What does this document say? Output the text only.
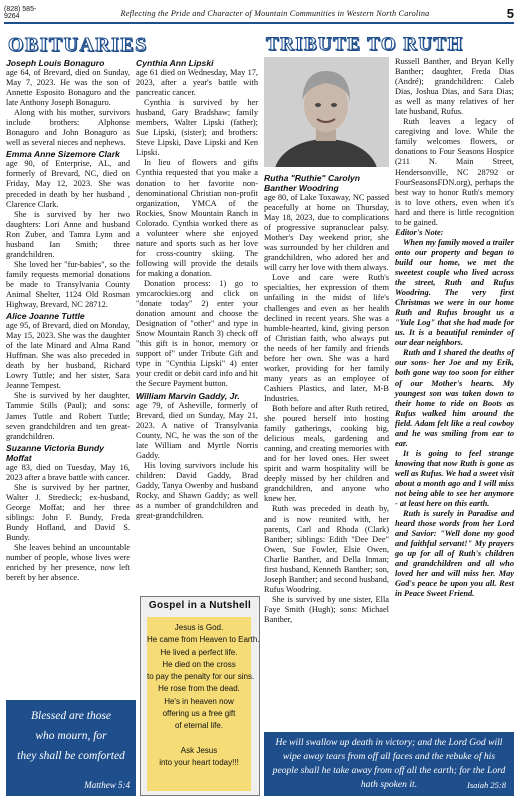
(828) 585-9264	Reflecting the Pride and Character of Mountain Communities in Western North Carolina	5
OBITUARIES	TRIBUTE TO RUTH
Joseph Louis Bonaguro

age 64, of Brevard, died on Sunday, May 7, 2023. He was the son of Annette Esposito Bonaguro and the late Anthony Joseph Bonaguro.

Along with his mother, survivors include brothers: Alphonse Bonaguro and John Bonaguro as well as several nieces and nephews.

Emma Anne Sizemore Clark

age 90, of Enterprise, AL, and formerly of Brevard, NC, died on Friday, May 12, 2023. She was preceded in death by her husband , Clarence Clark.

She is survived by her two daughters: Lori Anne and husband Ron Zuber, and Tamra Lynn and husband Ian Smith; three grandchildren.

She loved her "fur-babies", so the family requests memorial donations be made to Transylvania County Animal Shelter, 1124 Old Rosman Highway, Brevard, NC 28712.

Alice Joanne Tuttle

age 95, of Brevard, died on Monday, May 15, 2023. She was the daughter of the late Minard and Alma Rand Huffman. She was also preceded in death by her husband, Richard Lowry Tuttle; and her sister, Sara Jeanne Tempest.

She is survived by her daughter, Tammie Stills (Paul); and sons: James Tuttle and Robert Tuttle; seven grandchildren and ten great-grandchildren.

Suzanne Victoria Bundy Moffat

age 83, died on Tuesday, May 16, 2023 after a brave battle with cancer.

She is survived by her partner, Walter J. Stredieck; ex-husband, George Moffat; and her three siblings: John F. Bundy, Freda Bundy Hofland, and David S. Bundy.

She leaves behind an uncountable number of people, whose lives were enriched by her presence, now left bereft by her absence.

Cynthia Ann Lipski

age 61 died on Wednesday, May 17, 2023, after a year's battle with pancreatic cancer.

Cynthia is survived by her husband, Gary Bradshaw; family members, Walter Lipski (father); Sue Lipski, (sister); and brothers: Steve Lipski, Dave Lipski and Ken Lipski.

In lieu of flowers and gifts Cynthia requested that you make a donation to her favorite non-denominational Christian non-profit organization, YMCA of the Rockies, Snow Mountain Ranch in Colorado. Cynthia worked there as a volunteer where she enjoyed nature and sports such as her love for cross-country skiing. The following will provide the details for making a donation.

Donation process: 1) go to ymcarockies.org and click on "donate today" 2) enter your donation amount and choose the Designation of "other" and type in Snow Mountain Ranch 3) check off "this gift is in honor, memory or support of" under Tribute Gift and type in "Cynthia Lipski" 4) enter your credit or debit card info and hit the Secure Payment button.

William Marvin Gaddy, Jr.

age 79, of Asheville, formerly of Brevard, died on Sunday, May 21, 2023. A native of Transylvania County, NC, he was the son of the late William and Myrtle Norris Gaddy.

His loving survivors include his children: David Gaddy, Brad Gaddy, Tanya Owenby and husband Rocky, and Shawn Gaddy; as well as a number of grandchildren and great-grandchildren.

Rutha "Ruthie" Carolyn Banther Woodring

age 80, of Lake Toxaway, NC passed peacefully at home on Thursday, May 18, 2023, due to complications of progressive supranuclear palsy. Mother's Day weekend prior, she was surrounded by her children and grandchildren, who adored her and will carry her love with them always.

Love and care were Ruth's specialties, her expression of them unfailing in the midst of life's challenges and even as her health declined in recent years. She was a humble-hearted, kind, giving person of Christian faith, who always put the needs of her family and friends before her own. She was a hard worker, providing for her family many years as an employee of Cashiers Plastics, and later, M-B Industries.

Both before and after Ruth retired, she poured herself into hosting family gatherings, cooking big, delicious meals, gardening and canning, and creating memories with and for her loved ones. Her sweet spirit and warm hospitality will be deeply missed by her children and grandchildren, and anyone who knew her.

Ruth was preceded in death by, and is now reunited with, her parents, Carl and Rhoda (Clark) Banther; siblings: Edith "Dee Dee" Owen, Sue Fowler, Elsie Owen, Charlie Banther, and Della Inman; first husband, Kenneth Banther; son, Joseph Banther; and second husband, Rufus Woodring.

She is survived by one sister, Ella Faye Smith (Hugh); sons: Michael Banther,

Russell Banther, and Bryan Kelly Banther; daughter, Freda Dias (André); grandchildren: Caleb Dias, Joshua Dias, and Sara Dias; as well as many relatives of her late husband, Rufus.

Ruth leaves a legacy of caregiving and love. While the family welcomes flowers, or donations to Four Seasons Hospice (211 N. Main Street, Hendersonville, NC 28792 or FourSeasonsFDN.org), perhaps the best way to honor Ruth's memory is to love others, even when it's hard and there is little recognition to be gained.

Editor's Note:

When my family moved a trailer onto our property and began to build our home, we met the sweetest couple who lived across the street, Ruth and Rufus Woodring. The very first Christmas we were in our home Ruth and Rufus brought us a "Yule Log" that she had made for us. It is a beautiful reminder of our dear neighbors.

Ruth and I shared the deaths of our sons- her Joe and my Erik, both gone way too soon for either of our Mother's hearts. My youngest son was taken down to their home to ride on Boots as Rufus walked him around the field. Adam felt like a real cowboy and he was smiling from ear to ear.

It is going to feel strange knowing that now Ruth is gone as well as Rufus. We had a sweet visit about a month ago and I will miss not being able to see her anymore - at least here on this earth.

Ruth is surely in Paradise and heard those words from her Lord and Savior: "Well done my good and faithful servant!" My prayers go up for all of Ruth's children and grandchildren and all who loved her and will miss her. May God's peace be upon you all. Rest in Peace Sweet Friend.

Gospel in a Nutshell
Jesus is God.
He came from Heaven to Earth.
He lived a perfect life.
He died on the cross
to pay the penalty for our sins.
He rose from the dead.
He's in heaven now
offering us a free gift
of eternal life.
Ask Jesus
into your heart today!!!
Blessed are those
who mourn, for
they shall be comforted
Matthew 5:4
He will swallow up death in victory; and the Lord God will wipe away tears from off all faces and the rebuke of his people shall he take away from off all the earth; for the Lord hath spoken it.	Isaiah 25:8
